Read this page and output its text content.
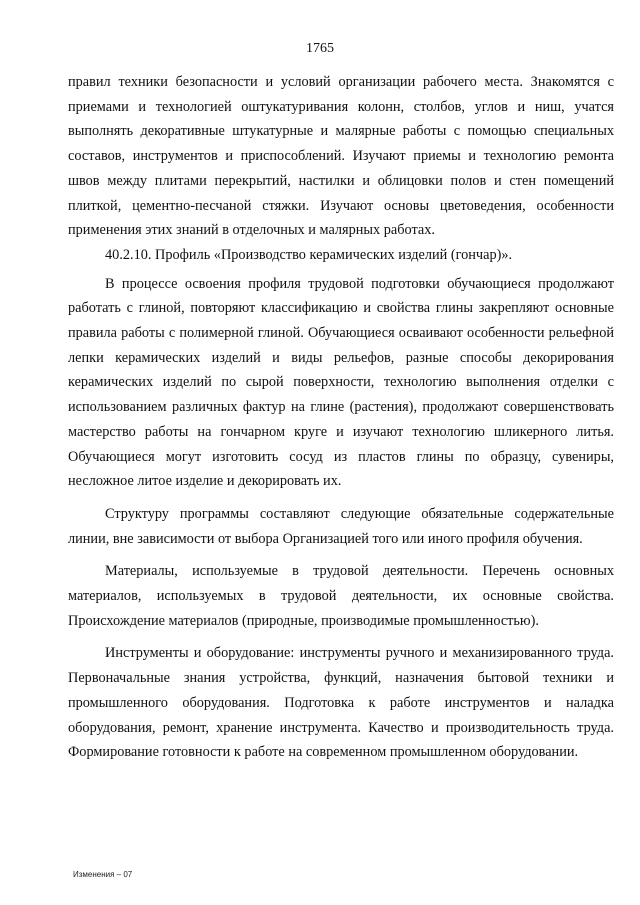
1765

правил техники безопасности и условий организации рабочего места. Знакомятся с приемами и технологией оштукатуривания колонн, столбов, углов и ниш, учатся выполнять декоративные штукатурные и малярные работы с помощью специальных составов, инструментов и приспособлений. Изучают приемы и технологию ремонта швов между плитами перекрытий, настилки и облицовки полов и стен помещений плиткой, цементно-песчаной стяжки. Изучают основы цветоведения, особенности применения этих знаний в отделочных и малярных работах.

40.2.10. Профиль «Производство керамических изделий (гончар)».

В процессе освоения профиля трудовой подготовки обучающиеся продолжают работать с глиной, повторяют классификацию и свойства глины закрепляют основные правила работы с полимерной глиной. Обучающиеся осваивают особенности рельефной лепки керамических изделий и виды рельефов, разные способы декорирования керамических изделий по сырой поверхности, технологию выполнения отделки с использованием различных фактур на глине (растения), продолжают совершенствовать мастерство работы на гончарном круге и изучают технологию шликерного литья. Обучающиеся могут изготовить сосуд из пластов глины по образцу, сувениры, несложное литое изделие и декорировать их.

Структуру программы составляют следующие обязательные содержательные линии, вне зависимости от выбора Организацией того или иного профиля обучения.

Материалы, используемые в трудовой деятельности. Перечень основных материалов, используемых в трудовой деятельности, их основные свойства. Происхождение материалов (природные, производимые промышленностью).

Инструменты и оборудование: инструменты ручного и механизированного труда. Первоначальные знания устройства, функций, назначения бытовой техники и промышленного оборудования. Подготовка к работе инструментов и наладка оборудования, ремонт, хранение инструмента. Качество и производительность труда. Формирование готовности к работе на современном промышленном оборудовании.

Изменения – 07
